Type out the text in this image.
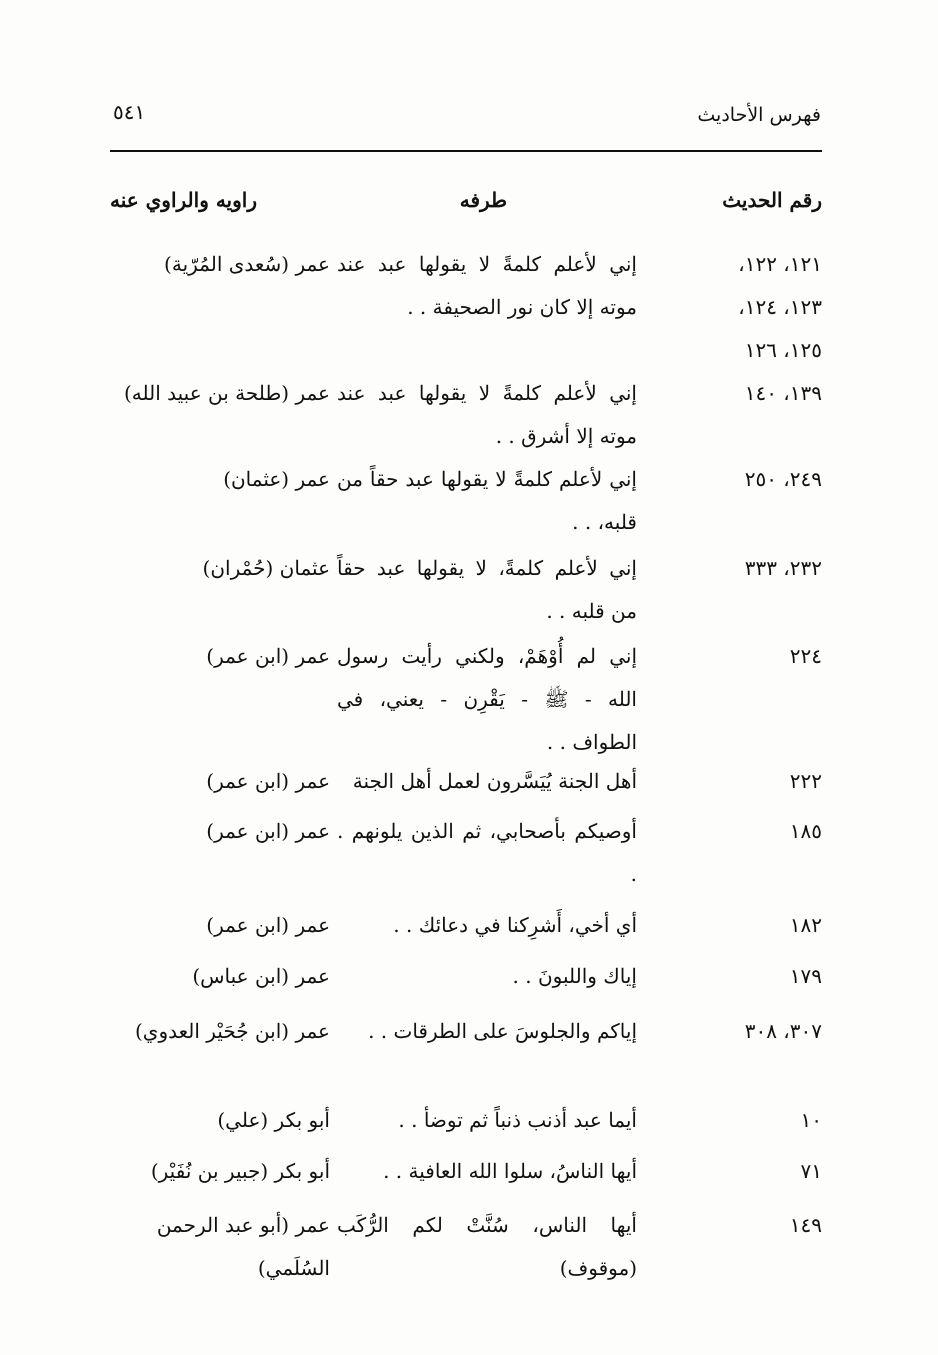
فهرس الأحاديث
٥٤١
رقم الحديث
طرفه
راويه والراوي عنه
١٢١، ١٢٢،
١٢٣، ١٢٤،
١٢٥، ١٢٦
إني لأعلم كلمةً لا يقولها عبد عند موته إلا كان نور الصحيفة . .
عمر (سُعدى المُرّية)
١٣٩، ١٤٠
إني لأعلم كلمةً لا يقولها عبد عند موته إلا أشرق . .
عمر (طلحة بن عبيد الله)
٢٤٩، ٢٥٠
إني لأعلم كلمةً لا يقولها عبد حقاً من قلبه، . .
عمر (عثمان)
٢٣٢، ٣٣٣
إني لأعلم كلمةً، لا يقولها عبد حقاً من قلبه . .
عثمان (حُمْران)
٢٢٤
إني لم أُوْهَمْ، ولكني رأيت رسول الله - ﷺ - يَقْرِن - يعني، في الطواف . .
عمر (ابن عمر)
٢٢٢
أهل الجنة يُيَسَّرون لعمل أهل الجنة
عمر (ابن عمر)
١٨٥
أوصيكم بأصحابي، ثم الذين يلونهم . .
عمر (ابن عمر)
١٨٢
أي أخي، أَشرِكنا في دعائك . .
عمر (ابن عمر)
١٧٩
إياك واللبونَ . .
عمر (ابن عباس)
٣٠٧، ٣٠٨
إياكم والجلوسَ على الطرقات . .
عمر (ابن جُحَيْر العدوي)
١٠
أيما عبد أذنب ذنباً ثم توضأ . .
أبو بكر (علي)
٧١
أيها الناسُ، سلوا الله العافية . .
أبو بكر (جبير بن نُفَيْر)
١٤٩
أيها الناس، سُنَّتْ لكم الرُّكَب (موقوف)
عمر (أبو عبد الرحمن السُلَمي)
